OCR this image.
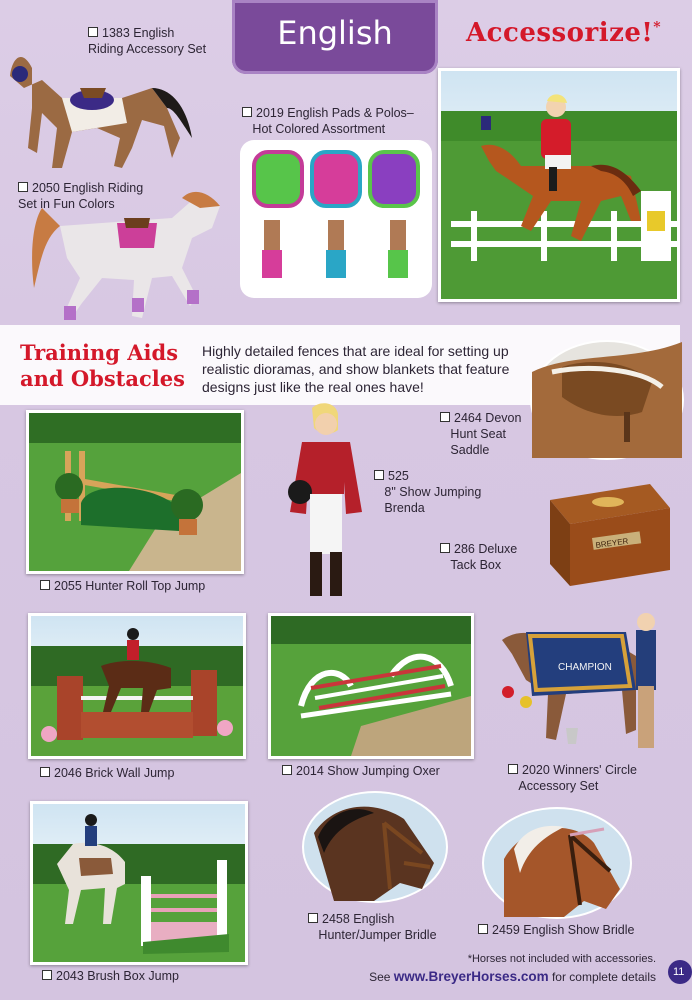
English	Accessorize!*
1383 English
Riding Accessory Set
2050 English Riding
Set in Fun Colors
2019 English Pads & Polos–
Hot Colored Assortment
Training Aids
and Obstacles
Highly detailed fences that are ideal for setting up realistic dioramas, and show blankets that feature designs just like the real ones have!
2464 Devon
Hunt Seat
Saddle
2055 Hunter Roll Top Jump
525
8" Show Jumping
Brenda
BREYER
286 Deluxe
Tack Box
2046 Brick Wall Jump	2014 Show Jumping Oxer
CHAMPION
2020 Winners' Circle
Accessory Set
2043 Brush Box Jump
2458 English
Hunter/Jumper Bridle	2459 English Show Bridle
*Horses not included with accessories.
See www.BreyerHorses.com for complete details	11
